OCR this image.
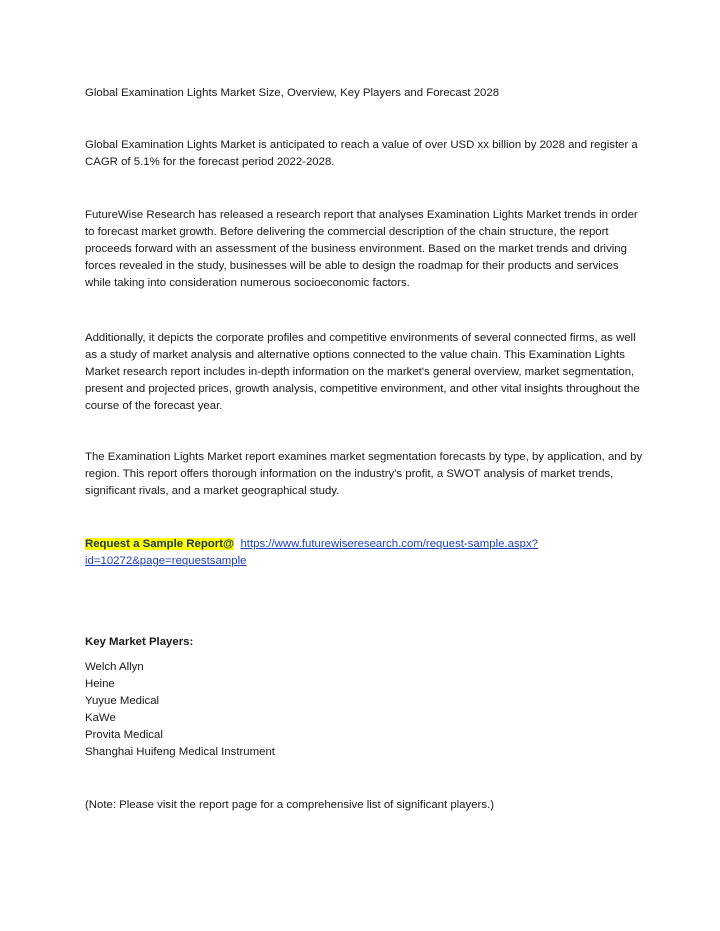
Global Examination Lights Market Size, Overview, Key Players and Forecast 2028

Global Examination Lights Market is anticipated to reach a value of over USD xx billion by 2028 and register a CAGR of 5.1% for the forecast period 2022-2028.

FutureWise Research has released a research report that analyses Examination Lights Market trends in order to forecast market growth. Before delivering the commercial description of the chain structure, the report proceeds forward with an assessment of the business environment. Based on the market trends and driving forces revealed in the study, businesses will be able to design the roadmap for their products and services while taking into consideration numerous socioeconomic factors.

Additionally, it depicts the corporate profiles and competitive environments of several connected firms, as well as a study of market analysis and alternative options connected to the value chain. This Examination Lights Market research report includes in-depth information on the market's general overview, market segmentation, present and projected prices, growth analysis, competitive environment, and other vital insights throughout the course of the forecast year.

The Examination Lights Market report examines market segmentation forecasts by type, by application, and by region. This report offers thorough information on the industry's profit, a SWOT analysis of market trends, significant rivals, and a market geographical study.

Request a Sample Report@ https://www.futurewiseresearch.com/request-sample.aspx?id=10272&page=requestsample

Key Market Players:

Welch Allyn
Heine
Yuyue Medical
KaWe
Provita Medical
Shanghai Huifeng Medical Instrument

(Note: Please visit the report page for a comprehensive list of significant players.)
